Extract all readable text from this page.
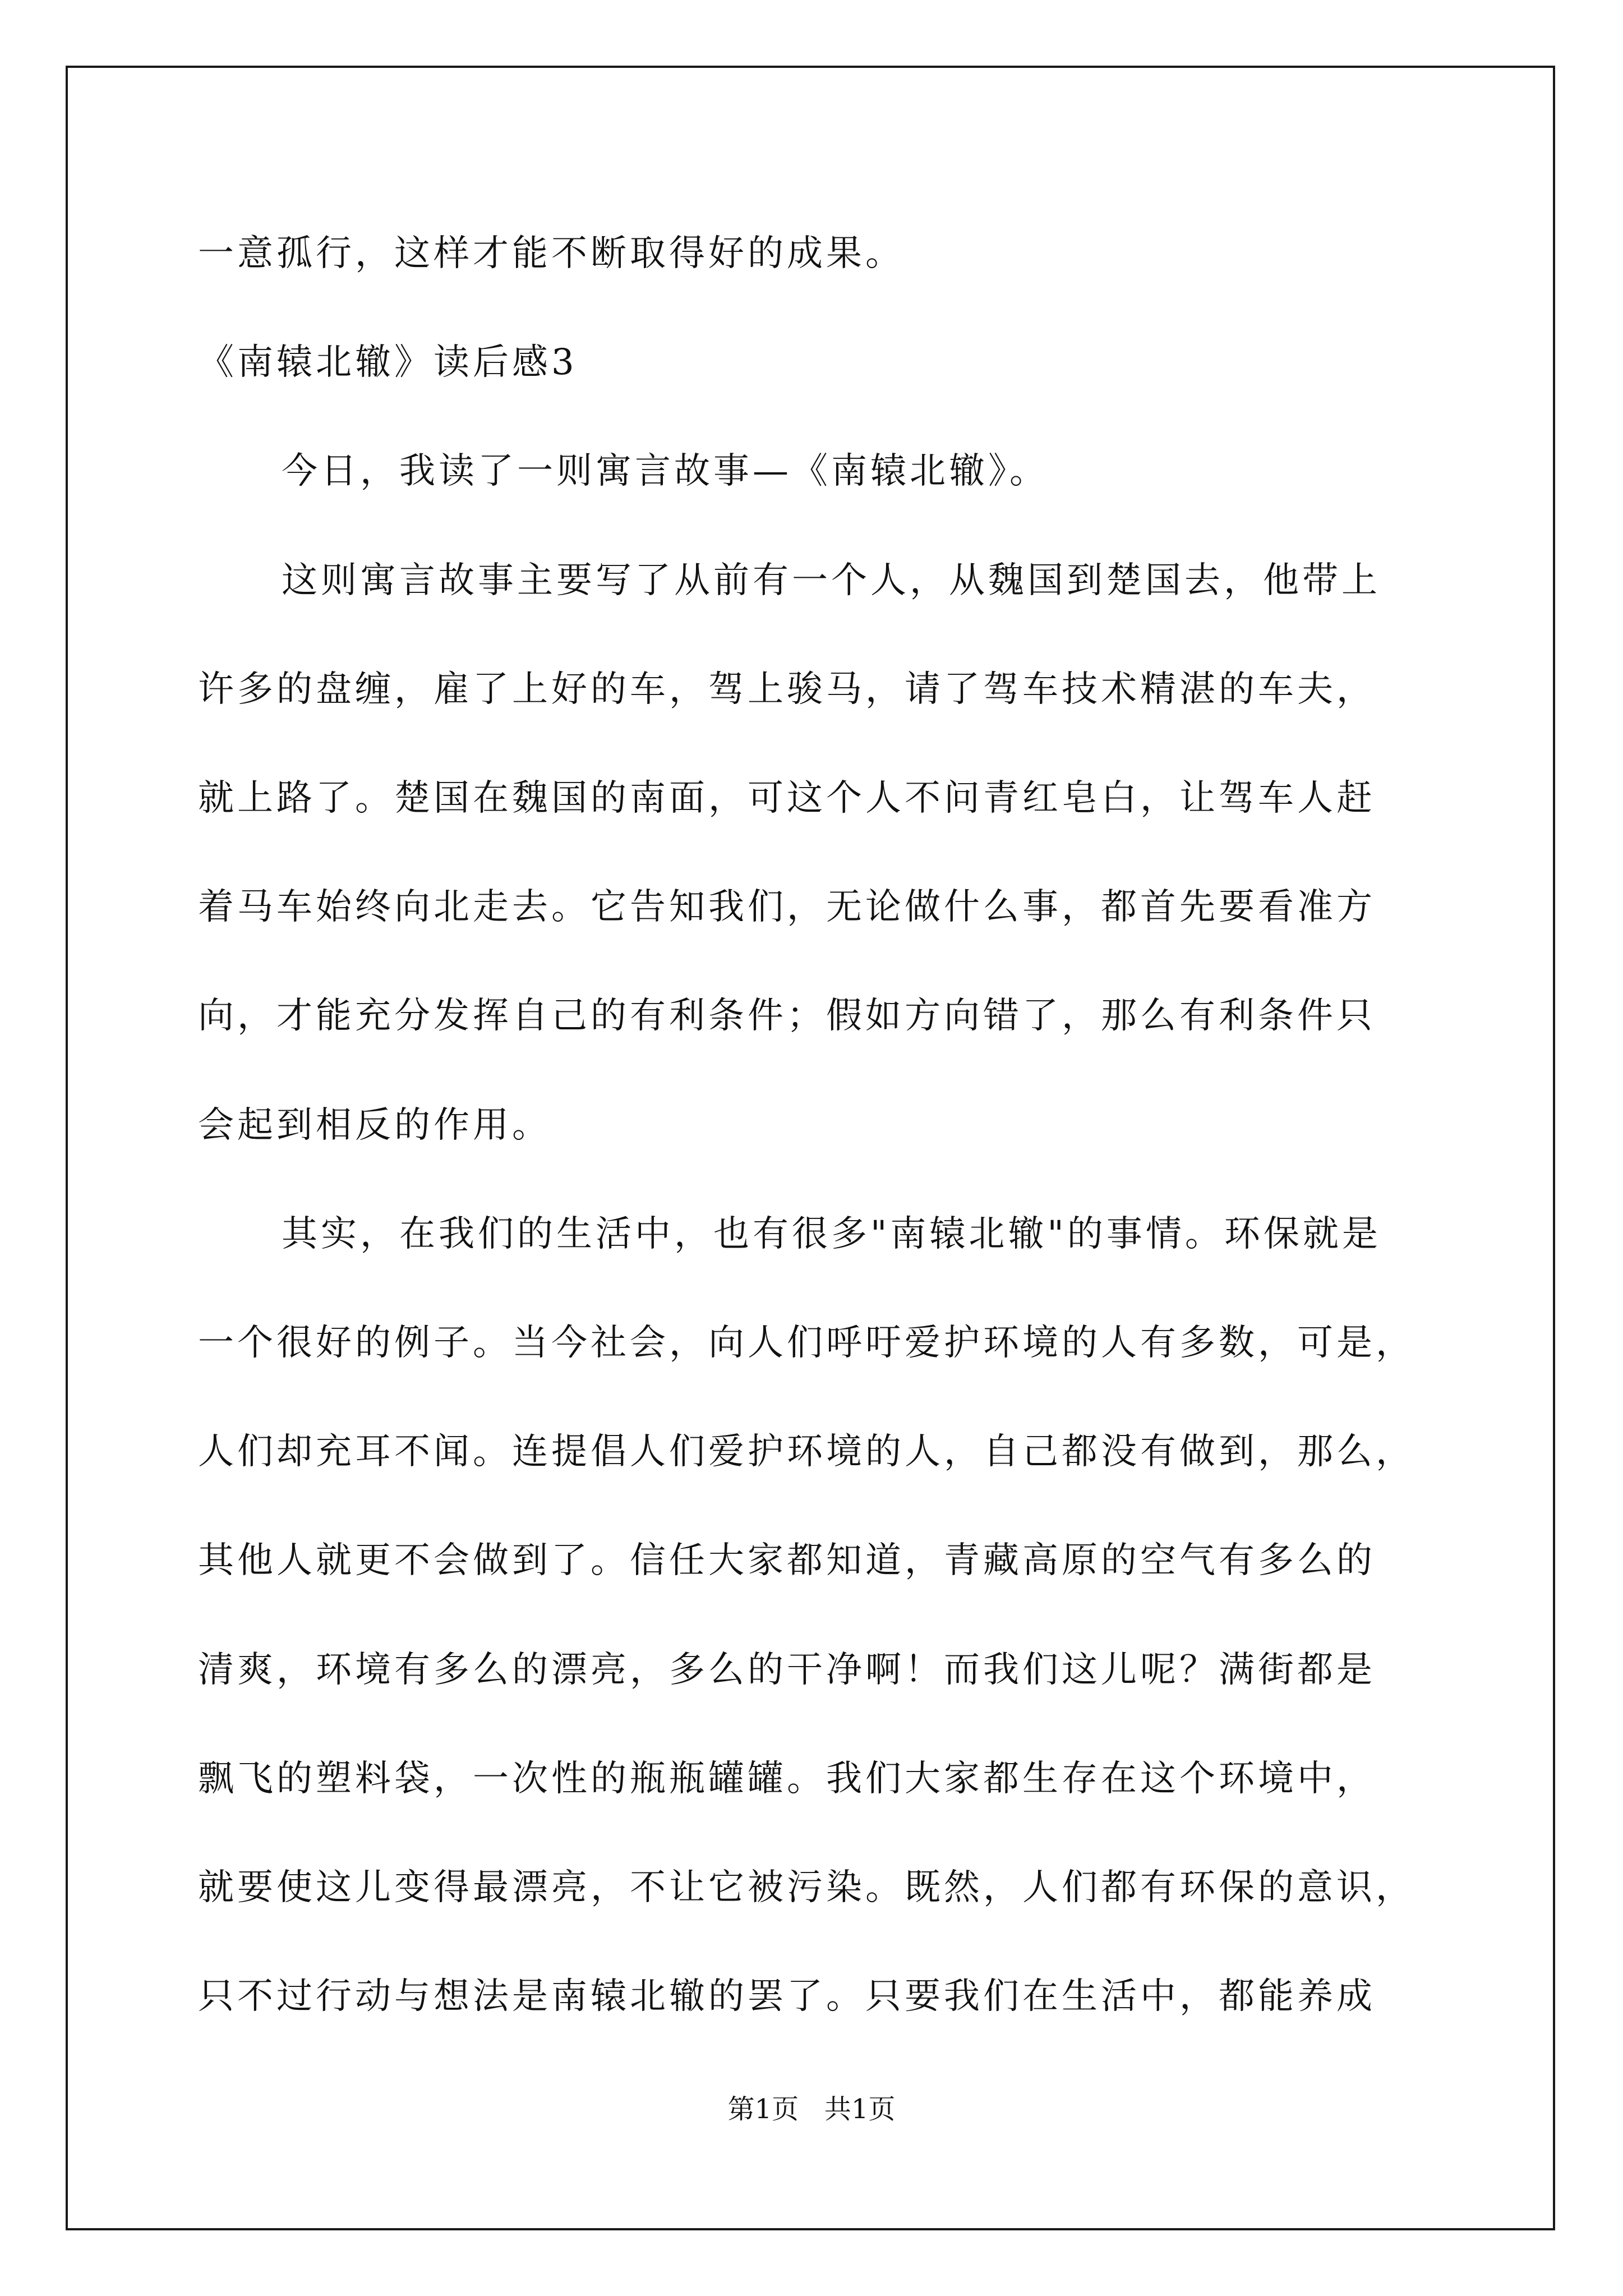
一意孤行，这样才能不断取得好的成果。
《南辕北辙》读后感3
今日，我读了一则寓言故事—《南辕北辙》。
这则寓言故事主要写了从前有一个人，从魏国到楚国去，他带上
许多的盘缠，雇了上好的车，驾上骏马，请了驾车技术精湛的车夫，
就上路了。楚国在魏国的南面，可这个人不问青红皂白，让驾车人赶
着马车始终向北走去。它告知我们，无论做什么事，都首先要看准方
向，才能充分发挥自己的有利条件；假如方向错了，那么有利条件只
会起到相反的作用。
其实，在我们的生活中，也有很多"南辕北辙"的事情。环保就是
一个很好的例子。当今社会，向人们呼吁爱护环境的人有多数，可是，
人们却充耳不闻。连提倡人们爱护环境的人，自己都没有做到，那么，
其他人就更不会做到了。信任大家都知道，青藏高原的空气有多么的
清爽，环境有多么的漂亮，多么的干净啊！而我们这儿呢？满街都是
飘飞的塑料袋，一次性的瓶瓶罐罐。我们大家都生存在这个环境中，
就要使这儿变得最漂亮，不让它被污染。既然，人们都有环保的意识，
只不过行动与想法是南辕北辙的罢了。只要我们在生活中，都能养成
第1页   共1页
